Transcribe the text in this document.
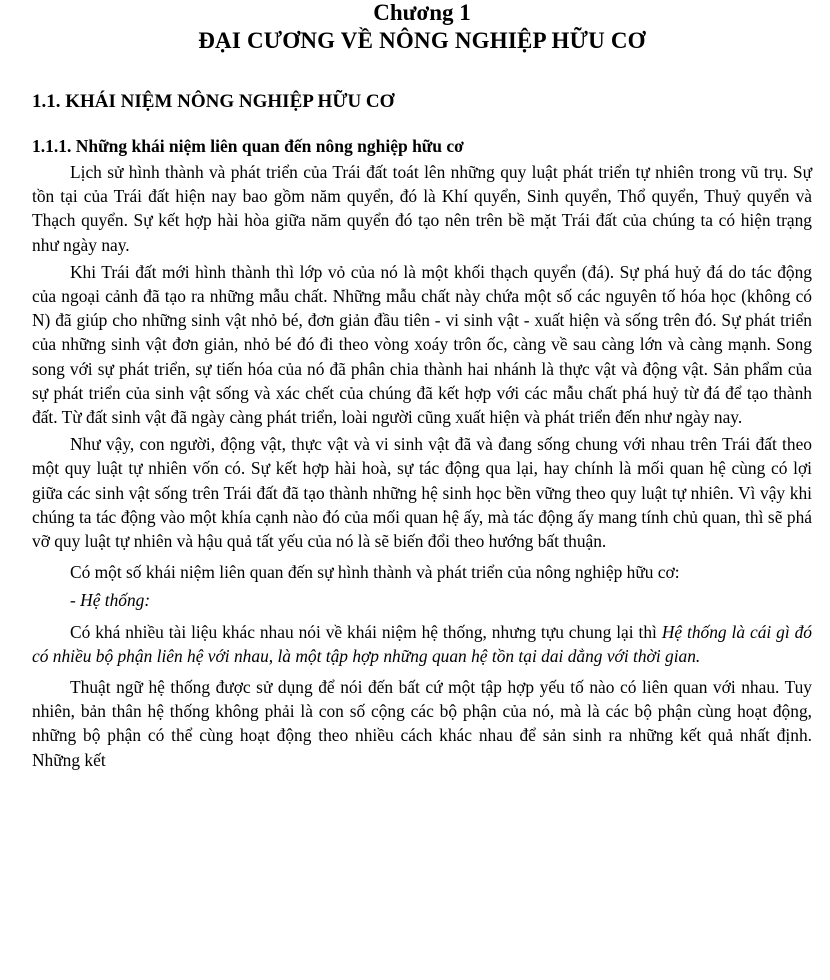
Chương 1

ĐẠI CƯƠNG VỀ NÔNG NGHIỆP HỮU CƠ

1.1. KHÁI NIỆM NÔNG NGHIỆP HỮU CƠ

1.1.1. Những khái niệm liên quan đến nông nghiệp hữu cơ

Lịch sử hình thành và phát triển của Trái đất toát lên những quy luật phát triển tự nhiên trong vũ trụ. Sự tồn tại của Trái đất hiện nay bao gồm năm quyển, đó là Khí quyển, Sinh quyển, Thổ quyển, Thuỷ quyển và Thạch quyển. Sự kết hợp hài hòa giữa năm quyển đó tạo nên trên bề mặt Trái đất của chúng ta có hiện trạng như ngày nay.

Khi Trái đất mới hình thành thì lớp vỏ của nó là một khối thạch quyển (đá). Sự phá huỷ đá do tác động của ngoại cảnh đã tạo ra những mẫu chất. Những mẫu chất này chứa một số các nguyên tố hóa học (không có N) đã giúp cho những sinh vật nhỏ bé, đơn giản đầu tiên - vi sinh vật - xuất hiện và sống trên đó. Sự phát triển của những sinh vật đơn giản, nhỏ bé đó đi theo vòng xoáy trôn ốc, càng về sau càng lớn và càng mạnh. Song song với sự phát triển, sự tiến hóa của nó đã phân chia thành hai nhánh là thực vật và động vật. Sản phẩm của sự phát triển của sinh vật sống và xác chết của chúng đã kết hợp với các mẫu chất phá huỷ từ đá để tạo thành đất. Từ đất sinh vật đã ngày càng phát triển, loài người cũng xuất hiện và phát triển đến như ngày nay.

Như vậy, con người, động vật, thực vật và vi sinh vật đã và đang sống chung với nhau trên Trái đất theo một quy luật tự nhiên vốn có. Sự kết hợp hài hoà, sự tác động qua lại, hay chính là mối quan hệ cùng có lợi giữa các sinh vật sống trên Trái đất đã tạo thành những hệ sinh học bền vững theo quy luật tự nhiên. Vì vậy khi chúng ta tác động vào một khía cạnh nào đó của mối quan hệ ấy, mà tác động ấy mang tính chủ quan, thì sẽ phá vỡ quy luật tự nhiên và hậu quả tất yếu của nó là sẽ biến đổi theo hướng bất thuận.

Có một số khái niệm liên quan đến sự hình thành và phát triển của nông nghiệp hữu cơ:

- Hệ thống:

Có khá nhiều tài liệu khác nhau nói về khái niệm hệ thống, nhưng tựu chung lại thì Hệ thống là cái gì đó có nhiều bộ phận liên hệ với nhau, là một tập hợp những quan hệ tồn tại dai dẳng với thời gian.

Thuật ngữ hệ thống được sử dụng để nói đến bất cứ một tập hợp yếu tố nào có liên quan với nhau. Tuy nhiên, bản thân hệ thống không phải là con số cộng các bộ phận của nó, mà là các bộ phận cùng hoạt động, những bộ phận có thể cùng hoạt động theo nhiều cách khác nhau để sản sinh ra những kết quả nhất định. Những kết
